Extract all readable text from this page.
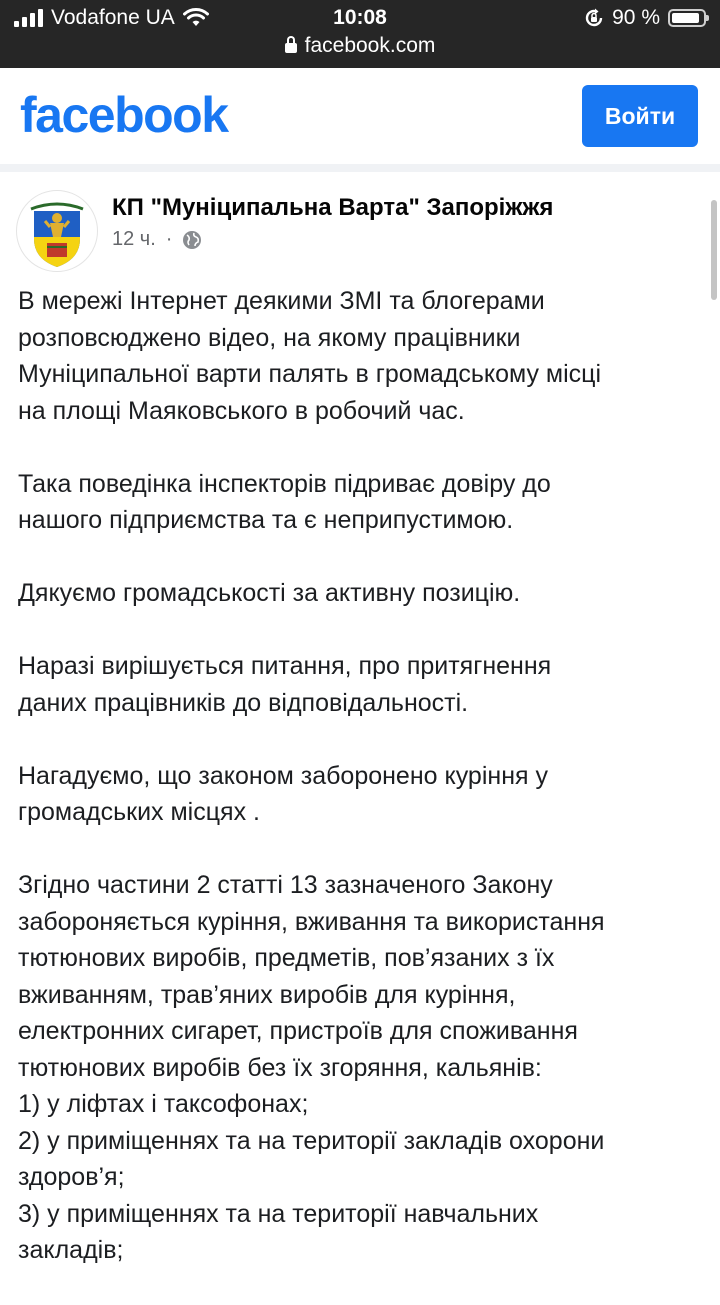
Vodafone UA	10:08	90 %
facebook.com
facebook	Войти
КП "Муніципальна Варта" Запоріжжя
12 ч. ·

В мережі Інтернет деякими ЗМІ та блогерами
розповсюджено відео, на якому працівники
Муніципальної варти палять в громадському місці
на площі Маяковського в робочий час.

Така поведінка інспекторів підриває довіру до
нашого підприємства та є неприпустимою.

Дякуємо громадськості за активну позицію.

Наразі вирішується питання, про притягнення
даних працівників до відповідальності.

Нагадуємо, що законом заборонено куріння у
громадських місцях .

Згідно частини 2 статті 13 зазначеного Закону
забороняється куріння, вживання та використання
тютюнових виробів, предметів, пов’язаних з їх
вживанням, трав’яних виробів для куріння,
електронних сигарет, пристроїв для споживання
тютюнових виробів без їх згоряння, кальянів:
1) у ліфтах і таксофонах;
2) у приміщеннях та на території закладів охорони
здоров’я;
3) у приміщеннях та на території навчальних
закладів;
